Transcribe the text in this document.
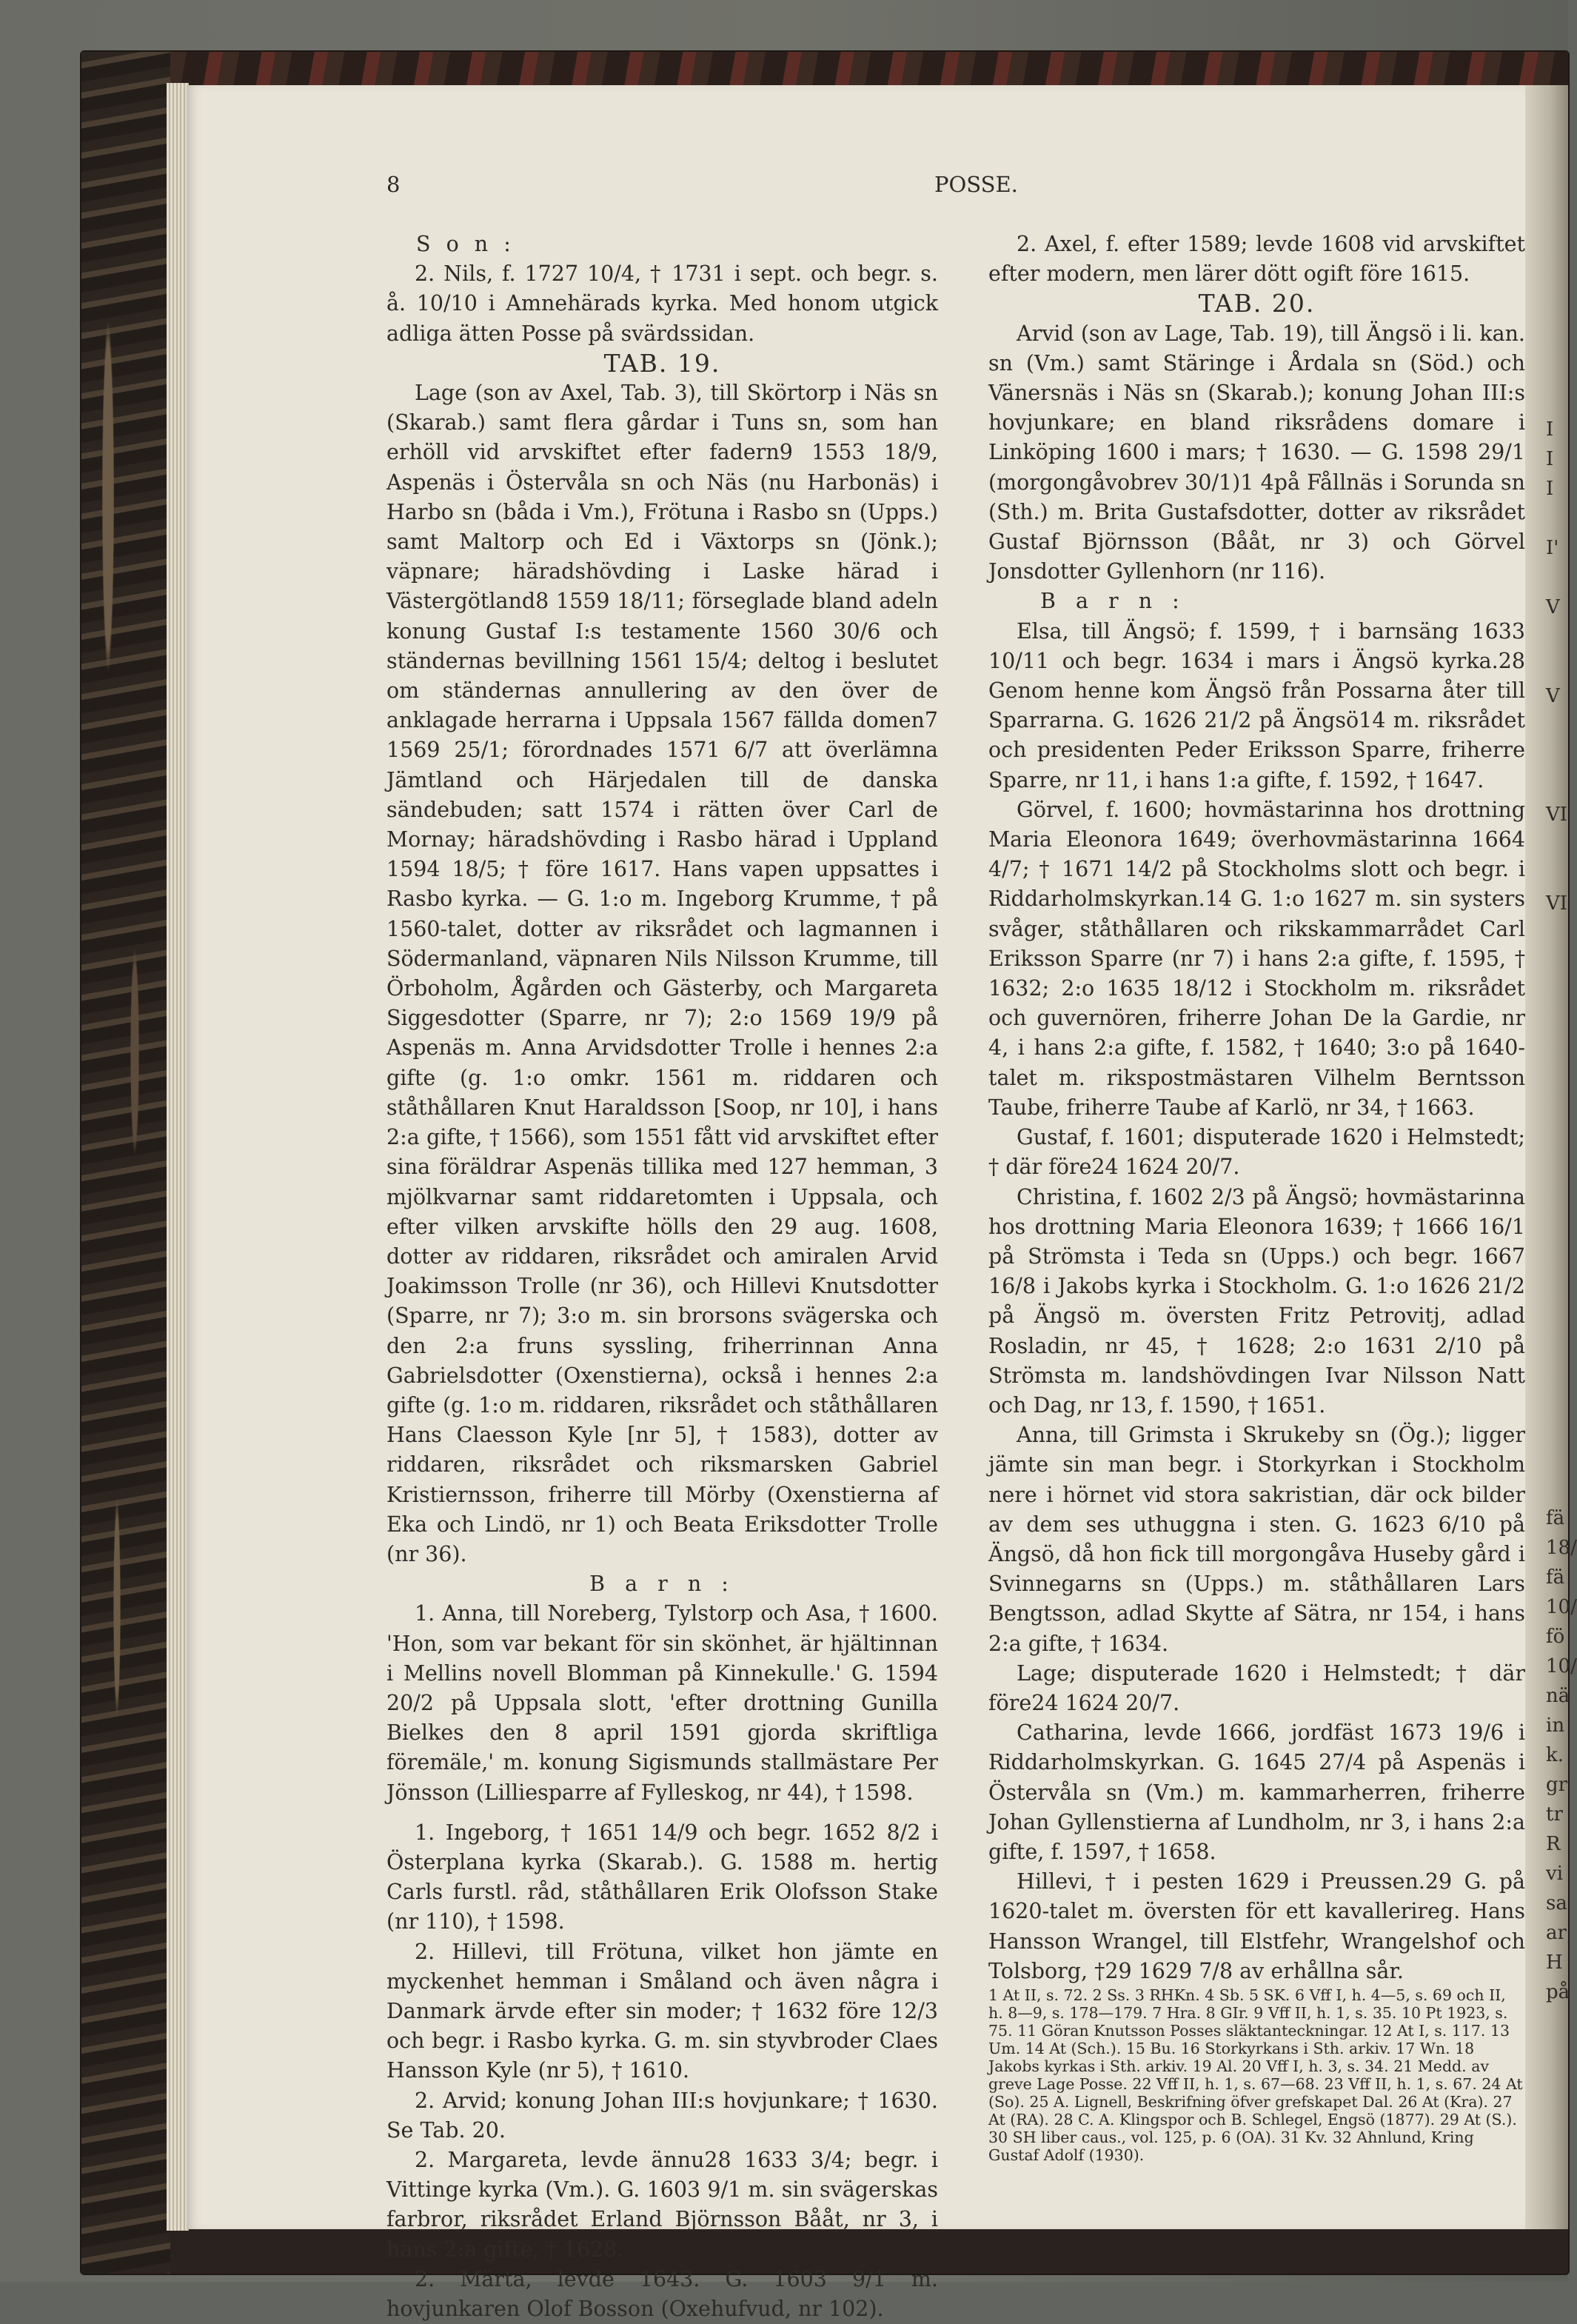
8	POSSE.

S o n :

2. Nils, f. 1727 10/4, † 1731 i sept. och begr. s. å. 10/10 i Amnehärads kyrka. Med honom utgick adliga ätten Posse på svärdssidan.

TAB. 19.

Lage (son av Axel, Tab. 3), till Skörtorp i Näs sn (Skarab.) samt flera gårdar i Tuns sn, som han erhöll vid arvskiftet efter fadern9 1553 18/9, Aspenäs i Östervåla sn och Näs (nu Harbonäs) i Harbo sn (båda i Vm.), Frötuna i Rasbo sn (Upps.) samt Maltorp och Ed i Växtorps sn (Jönk.); väpnare; häradshövding i Laske härad i Västergötland8 1559 18/11; förseglade bland adeln konung Gustaf I:s testamente 1560 30/6 och ständernas bevillning 1561 15/4; deltog i beslutet om ständernas annullering av den över de anklagade herrarna i Uppsala 1567 fällda domen7 1569 25/1; förordnades 1571 6/7 att överlämna Jämtland och Härjedalen till de danska sändebuden; satt 1574 i rätten över Carl de Mornay; häradshövding i Rasbo härad i Uppland 1594 18/5; † före 1617. Hans vapen uppsattes i Rasbo kyrka. — G. 1:o m. Ingeborg Krumme, † på 1560-talet, dotter av riksrådet och lagmannen i Södermanland, väpnaren Nils Nilsson Krumme, till Örboholm, Ågården och Gästerby, och Margareta Siggesdotter (Sparre, nr 7); 2:o 1569 19/9 på Aspenäs m. Anna Arvidsdotter Trolle i hennes 2:a gifte (g. 1:o omkr. 1561 m. riddaren och ståthållaren Knut Haraldsson [Soop, nr 10], i hans 2:a gifte, † 1566), som 1551 fått vid arvskiftet efter sina föräldrar Aspenäs tillika med 127 hemman, 3 mjölkvarnar samt riddaretomten i Uppsala, och efter vilken arvskifte hölls den 29 aug. 1608, dotter av riddaren, riksrådet och amiralen Arvid Joakimsson Trolle (nr 36), och Hillevi Knutsdotter (Sparre, nr 7); 3:o m. sin brorsons svägerska och den 2:a fruns syssling, friherrinnan Anna Gabrielsdotter (Oxenstierna), också i hennes 2:a gifte (g. 1:o m. riddaren, riksrådet och ståthållaren Hans Claesson Kyle [nr 5], † 1583), dotter av riddaren, riksrådet och riksmarsken Gabriel Kristiernsson, friherre till Mörby (Oxenstierna af Eka och Lindö, nr 1) och Beata Eriksdotter Trolle (nr 36).

B a r n :

1. Anna, till Noreberg, Tylstorp och Asa, † 1600. 'Hon, som var bekant för sin skönhet, är hjältinnan i Mellins novell Blomman på Kinnekulle.' G. 1594 20/2 på Uppsala slott, 'efter drottning Gunilla Bielkes den 8 april 1591 gjorda skriftliga föremäle,' m. konung Sigismunds stallmästare Per Jönsson (Lilliesparre af Fylleskog, nr 44), † 1598.

1. Ingeborg, † 1651 14/9 och begr. 1652 8/2 i Österplana kyrka (Skarab.). G. 1588 m. hertig Carls furstl. råd, ståthållaren Erik Olofsson Stake (nr 110), † 1598.

2. Hillevi, till Frötuna, vilket hon jämte en myckenhet hemman i Småland och även några i Danmark ärvde efter sin moder; † 1632 före 12/3 och begr. i Rasbo kyrka. G. m. sin styvbroder Claes Hansson Kyle (nr 5), † 1610.

2. Arvid; konung Johan III:s hovjunkare; † 1630. Se Tab. 20.

2. Margareta, levde ännu28 1633 3/4; begr. i Vittinge kyrka (Vm.). G. 1603 9/1 m. sin svägerskas farbror, riksrådet Erland Björnsson Bååt, nr 3, i hans 2:a gifte, † 1628.

2. Märta, levde 1643. G. 1603 9/1 m. hovjunkaren Olof Bosson (Oxehufvud, nr 102).

2. Axel, f. efter 1589; levde 1608 vid arvskiftet efter modern, men lärer dött ogift före 1615.

TAB. 20.

Arvid (son av Lage, Tab. 19), till Ängsö i li. kan. sn (Vm.) samt Stäringe i Årdala sn (Söd.) och Vänersnäs i Näs sn (Skarab.); konung Johan III:s hovjunkare; en bland riksrådens domare i Linköping 1600 i mars; † 1630. — G. 1598 29/1 (morgongåvobrev 30/1)1 4på Fållnäs i Sorunda sn (Sth.) m. Brita Gustafsdotter, dotter av riksrådet Gustaf Björnsson (Bååt, nr 3) och Görvel Jonsdotter Gyllenhorn (nr 116).

B a r n :

Elsa, till Ängsö; f. 1599, † i barnsäng 1633 10/11 och begr. 1634 i mars i Ängsö kyrka.28 Genom henne kom Ängsö från Possarna åter till Sparrarna. G. 1626 21/2 på Ängsö14 m. riksrådet och presidenten Peder Eriksson Sparre, friherre Sparre, nr 11, i hans 1:a gifte, f. 1592, † 1647.

Görvel, f. 1600; hovmästarinna hos drottning Maria Eleonora 1649; överhovmästarinna 1664 4/7; † 1671 14/2 på Stockholms slott och begr. i Riddarholmskyrkan.14 G. 1:o 1627 m. sin systers svåger, ståthållaren och rikskammarrådet Carl Eriksson Sparre (nr 7) i hans 2:a gifte, f. 1595, † 1632; 2:o 1635 18/12 i Stockholm m. riksrådet och guvernören, friherre Johan De la Gardie, nr 4, i hans 2:a gifte, f. 1582, † 1640; 3:o på 1640-talet m. rikspostmästaren Vilhelm Berntsson Taube, friherre Taube af Karlö, nr 34, † 1663.

Gustaf, f. 1601; disputerade 1620 i Helmstedt; † där före24 1624 20/7.

Christina, f. 1602 2/3 på Ängsö; hovmästarinna hos drottning Maria Eleonora 1639; † 1666 16/1 på Strömsta i Teda sn (Upps.) och begr. 1667 16/8 i Jakobs kyrka i Stockholm. G. 1:o 1626 21/2 på Ängsö m. översten Fritz Petrovitj, adlad Rosladin, nr 45, † 1628; 2:o 1631 2/10 på Strömsta m. landshövdingen Ivar Nilsson Natt och Dag, nr 13, f. 1590, † 1651.

Anna, till Grimsta i Skrukeby sn (Ög.); ligger jämte sin man begr. i Storkyrkan i Stockholm nere i hörnet vid stora sakristian, där ock bilder av dem ses uthuggna i sten. G. 1623 6/10 på Ängsö, då hon fick till morgongåva Huseby gård i Svinnegarns sn (Upps.) m. ståthållaren Lars Bengtsson, adlad Skytte af Sätra, nr 154, i hans 2:a gifte, † 1634.

Lage; disputerade 1620 i Helmstedt; † där före24 1624 20/7.

Catharina, levde 1666, jordfäst 1673 19/6 i Riddarholmskyrkan. G. 1645 27/4 på Aspenäs i Östervåla sn (Vm.) m. kammarherren, friherre Johan Gyllenstierna af Lundholm, nr 3, i hans 2:a gifte, f. 1597, † 1658.

Hillevi, † i pesten 1629 i Preussen.29 G. på 1620-talet m. översten för ett kavallerireg. Hans Hansson Wrangel, till Elstfehr, Wrangelshof och Tolsborg, †29 1629 7/8 av erhållna sår.

1 At II, s. 72. 2 Ss. 3 RHKn. 4 Sb. 5 SK. 6 Vff I, h. 4—5, s. 69 och II, h. 8—9, s. 178—179. 7 Hra. 8 GIr. 9 Vff II, h. 1, s. 35. 10 Pt 1923, s. 75. 11 Göran Knutsson Posses släktanteckningar. 12 At I, s. 117. 13 Um. 14 At (Sch.). 15 Bu. 16 Storkyrkans i Sth. arkiv. 17 Wn. 18 Jakobs kyrkas i Sth. arkiv. 19 Al. 20 Vff I, h. 3, s. 34. 21 Medd. av greve Lage Posse. 22 Vff II, h. 1, s. 67—68. 23 Vff II, h. 1, s. 67. 24 At (So). 25 A. Lignell, Beskrifning öfver grefskapet Dal. 26 At (Kra). 27 At (RA). 28 C. A. Klingspor och B. Schlegel, Engsö (1877). 29 At (S.). 30 SH liber caus., vol. 125, p. 6 (OA). 31 Kv. 32 Ahnlund, Kring Gustaf Adolf (1930).

I
I
I
I'
V
V
VI
VI
fä
18/
fä
10/
fö
10/
nä
in
k.
gr
tr
R
vi
sa
ar
H
på
